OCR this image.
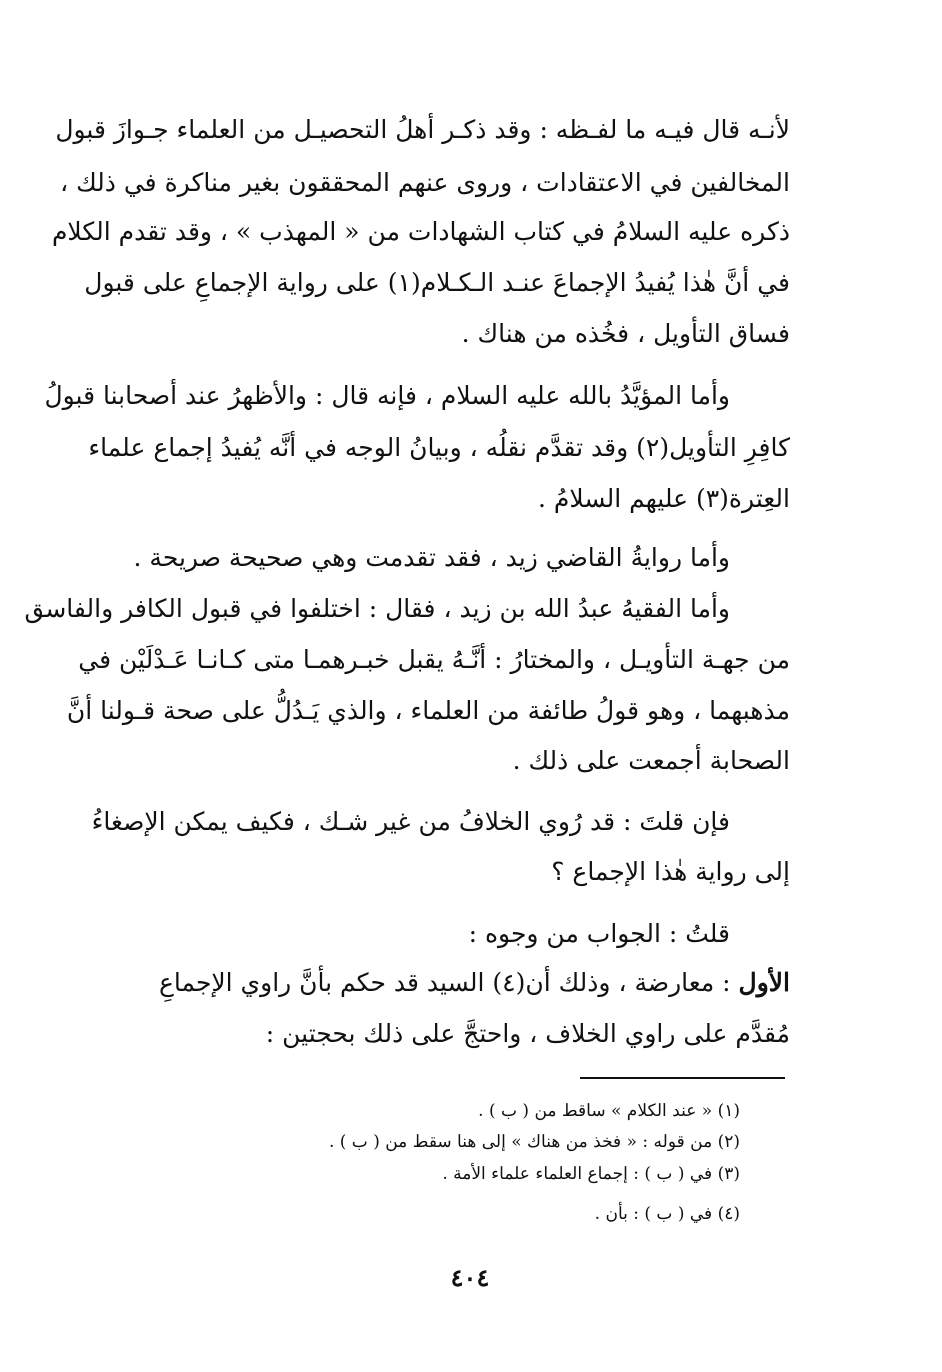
لأنـه قال فيـه ما لفـظه : وقد ذكـر أهلُ التحصيـل من العلماء جـوازَ قبول
المخالفين في الاعتقادات ، وروى عنهم المحققون بغير مناكرة في ذلك ،
ذكره عليه السلامُ في كتاب الشهادات من « المهذب » ، وقد تقدم الكلام
في أنَّ هٰذا يُفيدُ الإجماعَ عنـد الـكـلام(١) على رواية الإجماعِ على قبول
فساق التأويل ، فخُذه من هناك .
وأما المؤيَّدُ بالله عليه السلام ، فإنه قال : والأظهرُ عند أصحابنا قبولُ
كافِرِ التأويل(٢) وقد تقدَّم نقلُه ، وبيانُ الوجه في أنَّه يُفيدُ إجماع علماء
العِترة(٣) عليهم السلامُ .
وأما روايةُ القاضي زيد ، فقد تقدمت وهي صحيحة صريحة .
وأما الفقيهُ عبدُ الله بن زيد ، فقال : اختلفوا في قبول الكافر والفاسق
من جهـة التأويـل ، والمختارُ : أنَّـهُ يقبل خبـرهمـا متى كـانـا عَـدْلَيْن في
مذهبهما ، وهو قولُ طائفة من العلماء ، والذي يَـدُلُّ على صحة قـولنا أنَّ
الصحابة أجمعت على ذلك .
فإن قلتَ : قد رُوي الخلافُ من غير شـك ، فكيف يمكن الإصغاءُ
إلى رواية هٰذا الإجماع ؟
قلتُ : الجواب من وجوه :
الأول : معارضة ، وذلك أن(٤) السيد قد حكم بأنَّ راوي الإجماعِ
مُقدَّم على راوي الخلاف ، واحتجَّ على ذلك بحجتين :
(١) « عند الكلام » ساقط من ( ب ) .
(٢) من قوله : « فخذ من هناك » إلى هنا سقط من ( ب ) .
(٣) في ( ب ) : إجماع العلماء علماء الأمة .
(٤) في ( ب ) : بأن .
٤٠٤
